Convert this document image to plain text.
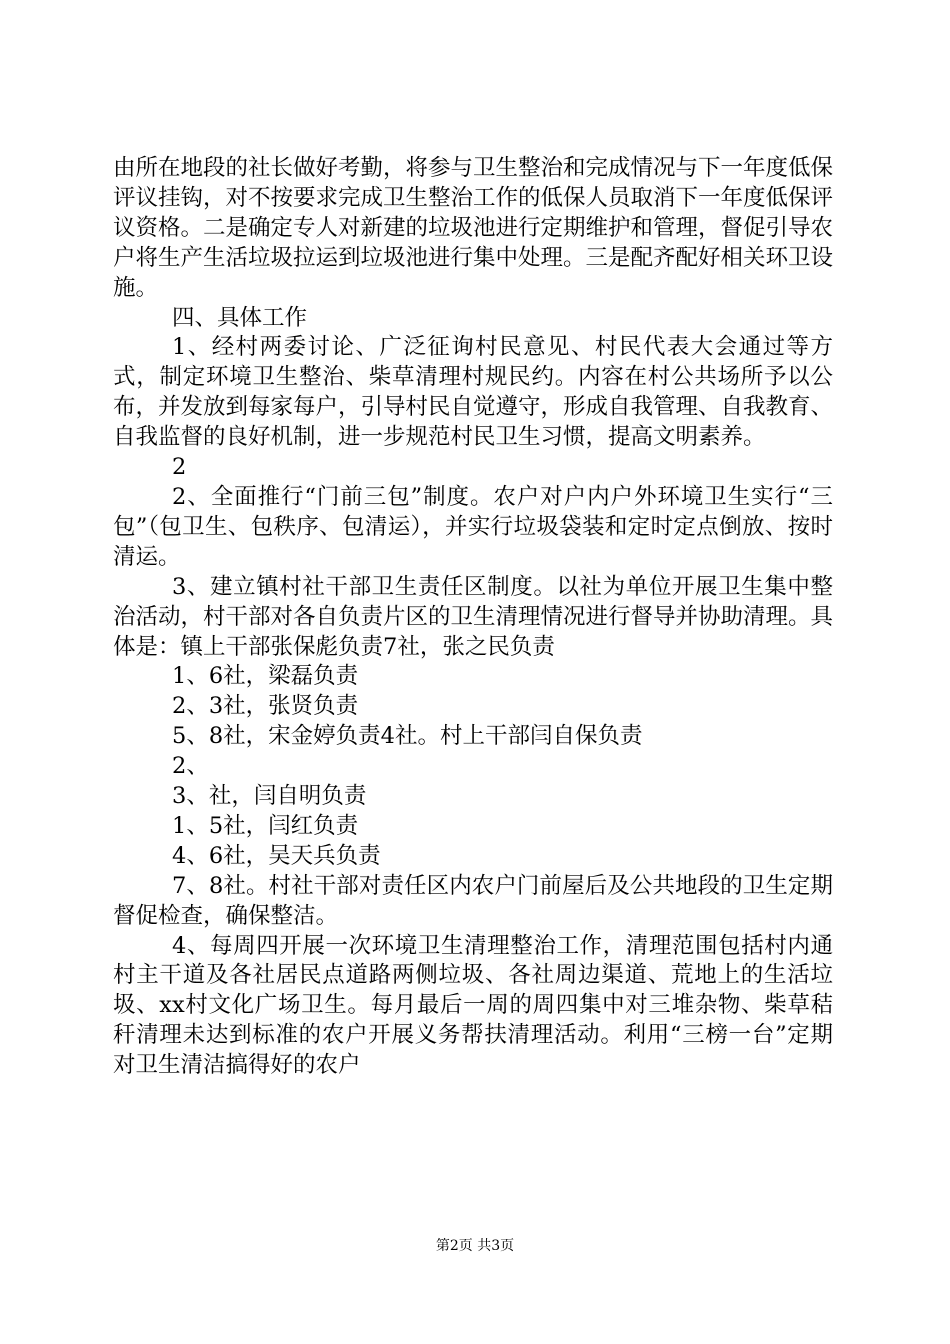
由所在地段的社长做好考勤，将参与卫生整治和完成情况与下一年度低保评议挂钩，对不按要求完成卫生整治工作的低保人员取消下一年度低保评议资格。二是确定专人对新建的垃圾池进行定期维护和管理，督促引导农户将生产生活垃圾拉运到垃圾池进行集中处理。三是配齐配好相关环卫设施。

四、具体工作

1、经村两委讨论、广泛征询村民意见、村民代表大会通过等方式，制定环境卫生整治、柴草清理村规民约。内容在村公共场所予以公布，并发放到每家每户，引导村民自觉遵守，形成自我管理、自我教育、自我监督的良好机制，进一步规范村民卫生习惯，提高文明素养。

2

2、全面推行“门前三包”制度。农户对户内户外环境卫生实行“三包”（包卫生、包秩序、包清运），并实行垃圾袋装和定时定点倒放、按时清运。

3、建立镇村社干部卫生责任区制度。以社为单位开展卫生集中整治活动，村干部对各自负责片区的卫生清理情况进行督导并协助清理。具体是：镇上干部张保彪负责7社，张之民负责

1、6社，梁磊负责

2、3社，张贤负责

5、8社，宋金婷负责4社。村上干部闫自保负责

2、

3、社，闫自明负责

1、5社，闫红负责

4、6社，吴天兵负责

7、8社。村社干部对责任区内农户门前屋后及公共地段的卫生定期督促检查，确保整洁。

4、每周四开展一次环境卫生清理整治工作，清理范围包括村内通村主干道及各社居民点道路两侧垃圾、各社周边渠道、荒地上的生活垃圾、xx村文化广场卫生。每月最后一周的周四集中对三堆杂物、柴草秸秆清理未达到标准的农户开展义务帮扶清理活动。利用“三榜一台”定期对卫生清洁搞得好的农户

第2页 共3页
